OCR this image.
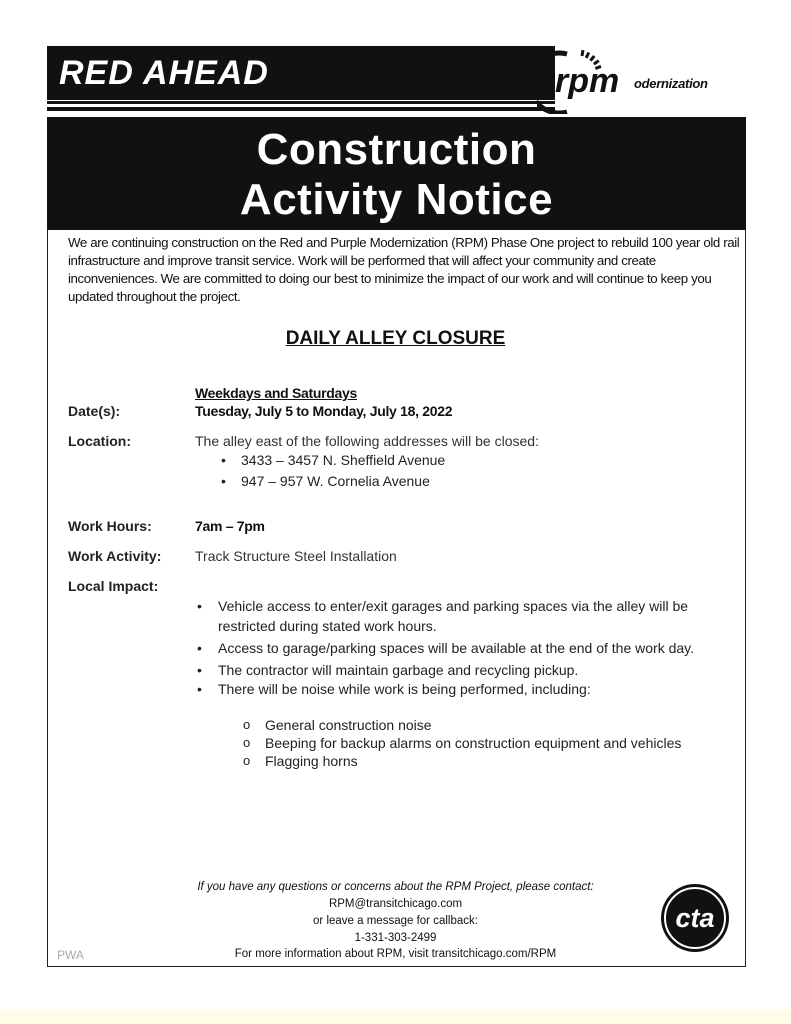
RED AHEAD	rpm odernization
Construction
Activity Notice
We are continuing construction on the Red and Purple Modernization (RPM) Phase One project to rebuild 100 year old rail infrastructure and improve transit service. Work will be performed that will affect your community and create inconveniences. We are committed to doing our best to minimize the impact of our work and will continue to keep you updated throughout the project.
DAILY ALLEY CLOSURE
Weekdays and Saturdays
Date(s):	Tuesday, July 5 to Monday, July 18, 2022
Location:	The alley east of the following addresses will be closed:
• 3433 – 3457 N. Sheffield Avenue
• 947 – 957 W. Cornelia Avenue
Work Hours:	7am – 7pm
Work Activity: Track Structure Steel Installation
Local Impact:
• Vehicle access to enter/exit garages and parking spaces via the alley will be restricted during stated work hours.
• Access to garage/parking spaces will be available at the end of the work day.
• The contractor will maintain garbage and recycling pickup.
• There will be noise while work is being performed, including:
o General construction noise
o Beeping for backup alarms on construction equipment and vehicles
o Flagging horns
If you have any questions or concerns about the RPM Project, please contact:
RPM@transitchicago.com
or leave a message for callback:
1-331-303-2499
For more information about RPM, visit transitchicago.com/RPM
PWA
cta
